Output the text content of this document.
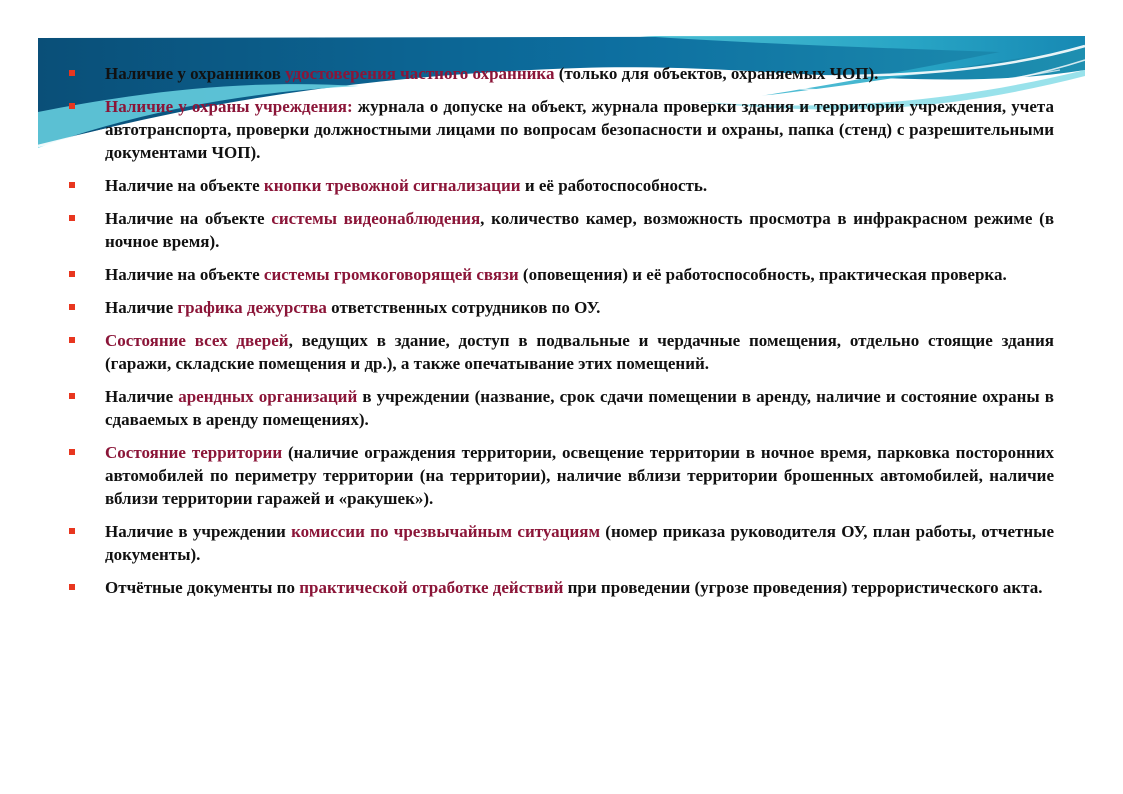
Наличие у охранников удостоверения частного охранника (только для объектов, охраняемых ЧОП).
Наличие у охраны учреждения: журнала о допуске на объект, журнала проверки здания и территории учреждения, учета автотранспорта, проверки должностными лицами по вопросам безопасности и охраны, папка (стенд) с разрешительными документами ЧОП).
Наличие на объекте кнопки тревожной сигнализации и её работоспособность.
Наличие на объекте системы видеонаблюдения, количество камер, возможность просмотра в инфракрасном режиме (в ночное время).
Наличие на объекте системы громкоговорящей связи (оповещения) и её работоспособность, практическая проверка.
Наличие графика дежурства ответственных сотрудников по ОУ.
Состояние всех дверей, ведущих в здание, доступ в подвальные и чердачные помещения, отдельно стоящие здания (гаражи, складские помещения и др.), а также опечатывание этих помещений.
Наличие арендных организаций в учреждении (название, срок сдачи помещении в аренду, наличие и состояние охраны в сдаваемых в аренду помещениях).
Состояние территории (наличие ограждения территории, освещение территории в ночное время, парковка посторонних автомобилей по периметру территории (на территории), наличие вблизи территории брошенных автомобилей, наличие вблизи территории гаражей и «ракушек»).
Наличие в учреждении комиссии по чрезвычайным ситуациям (номер приказа руководителя ОУ, план работы, отчетные документы).
Отчётные документы по практической отработке действий при проведении (угрозе проведения) террористического акта.
